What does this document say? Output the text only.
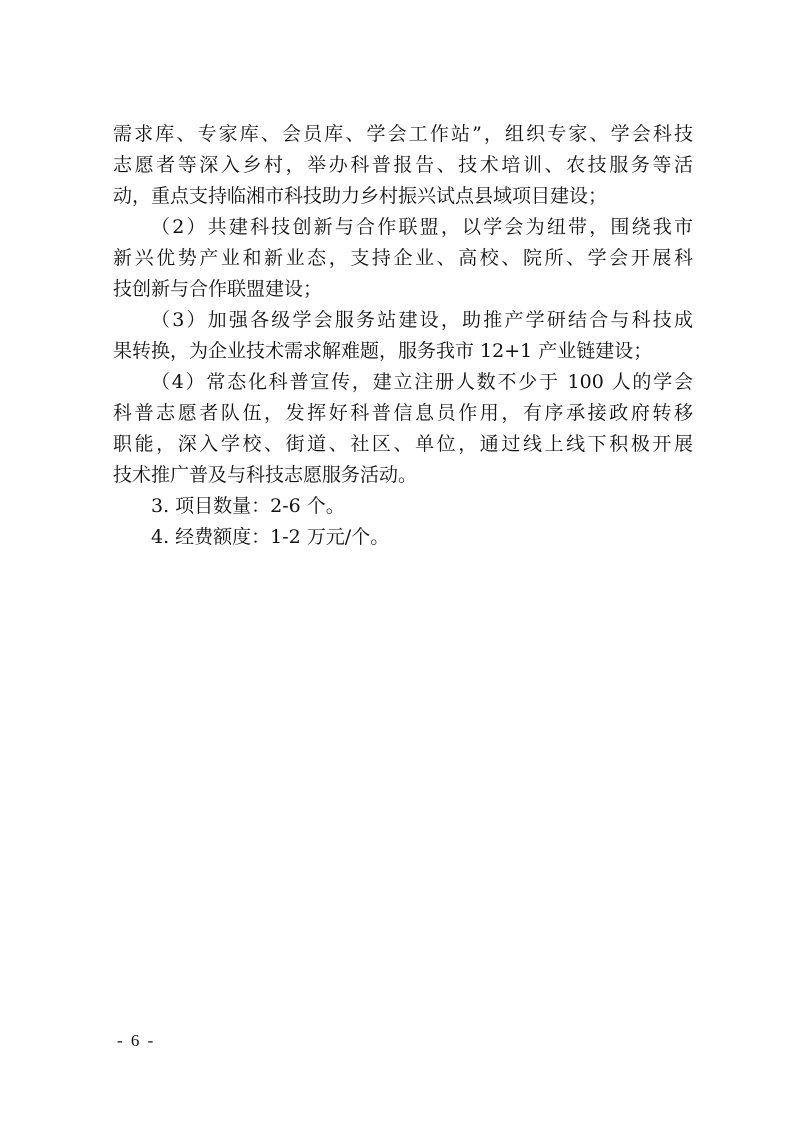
需求库、专家库、会员库、学会工作站”，组织专家、学会科技
志愿者等深入乡村，举办科普报告、技术培训、农技服务等活
动，重点支持临湘市科技助力乡村振兴试点县域项目建设；
（2）共建科技创新与合作联盟，以学会为纽带，围绕我市
新兴优势产业和新业态，支持企业、高校、院所、学会开展科
技创新与合作联盟建设；
（3）加强各级学会服务站建设，助推产学研结合与科技成
果转换，为企业技术需求解难题，服务我市 12+1 产业链建设；
（4）常态化科普宣传，建立注册人数不少于 100 人的学会
科普志愿者队伍，发挥好科普信息员作用，有序承接政府转移
职能，深入学校、街道、社区、单位，通过线上线下积极开展
技术推广普及与科技志愿服务活动。
3. 项目数量：2-6 个。
4. 经费额度：1-2 万元/个。
- 6 -
